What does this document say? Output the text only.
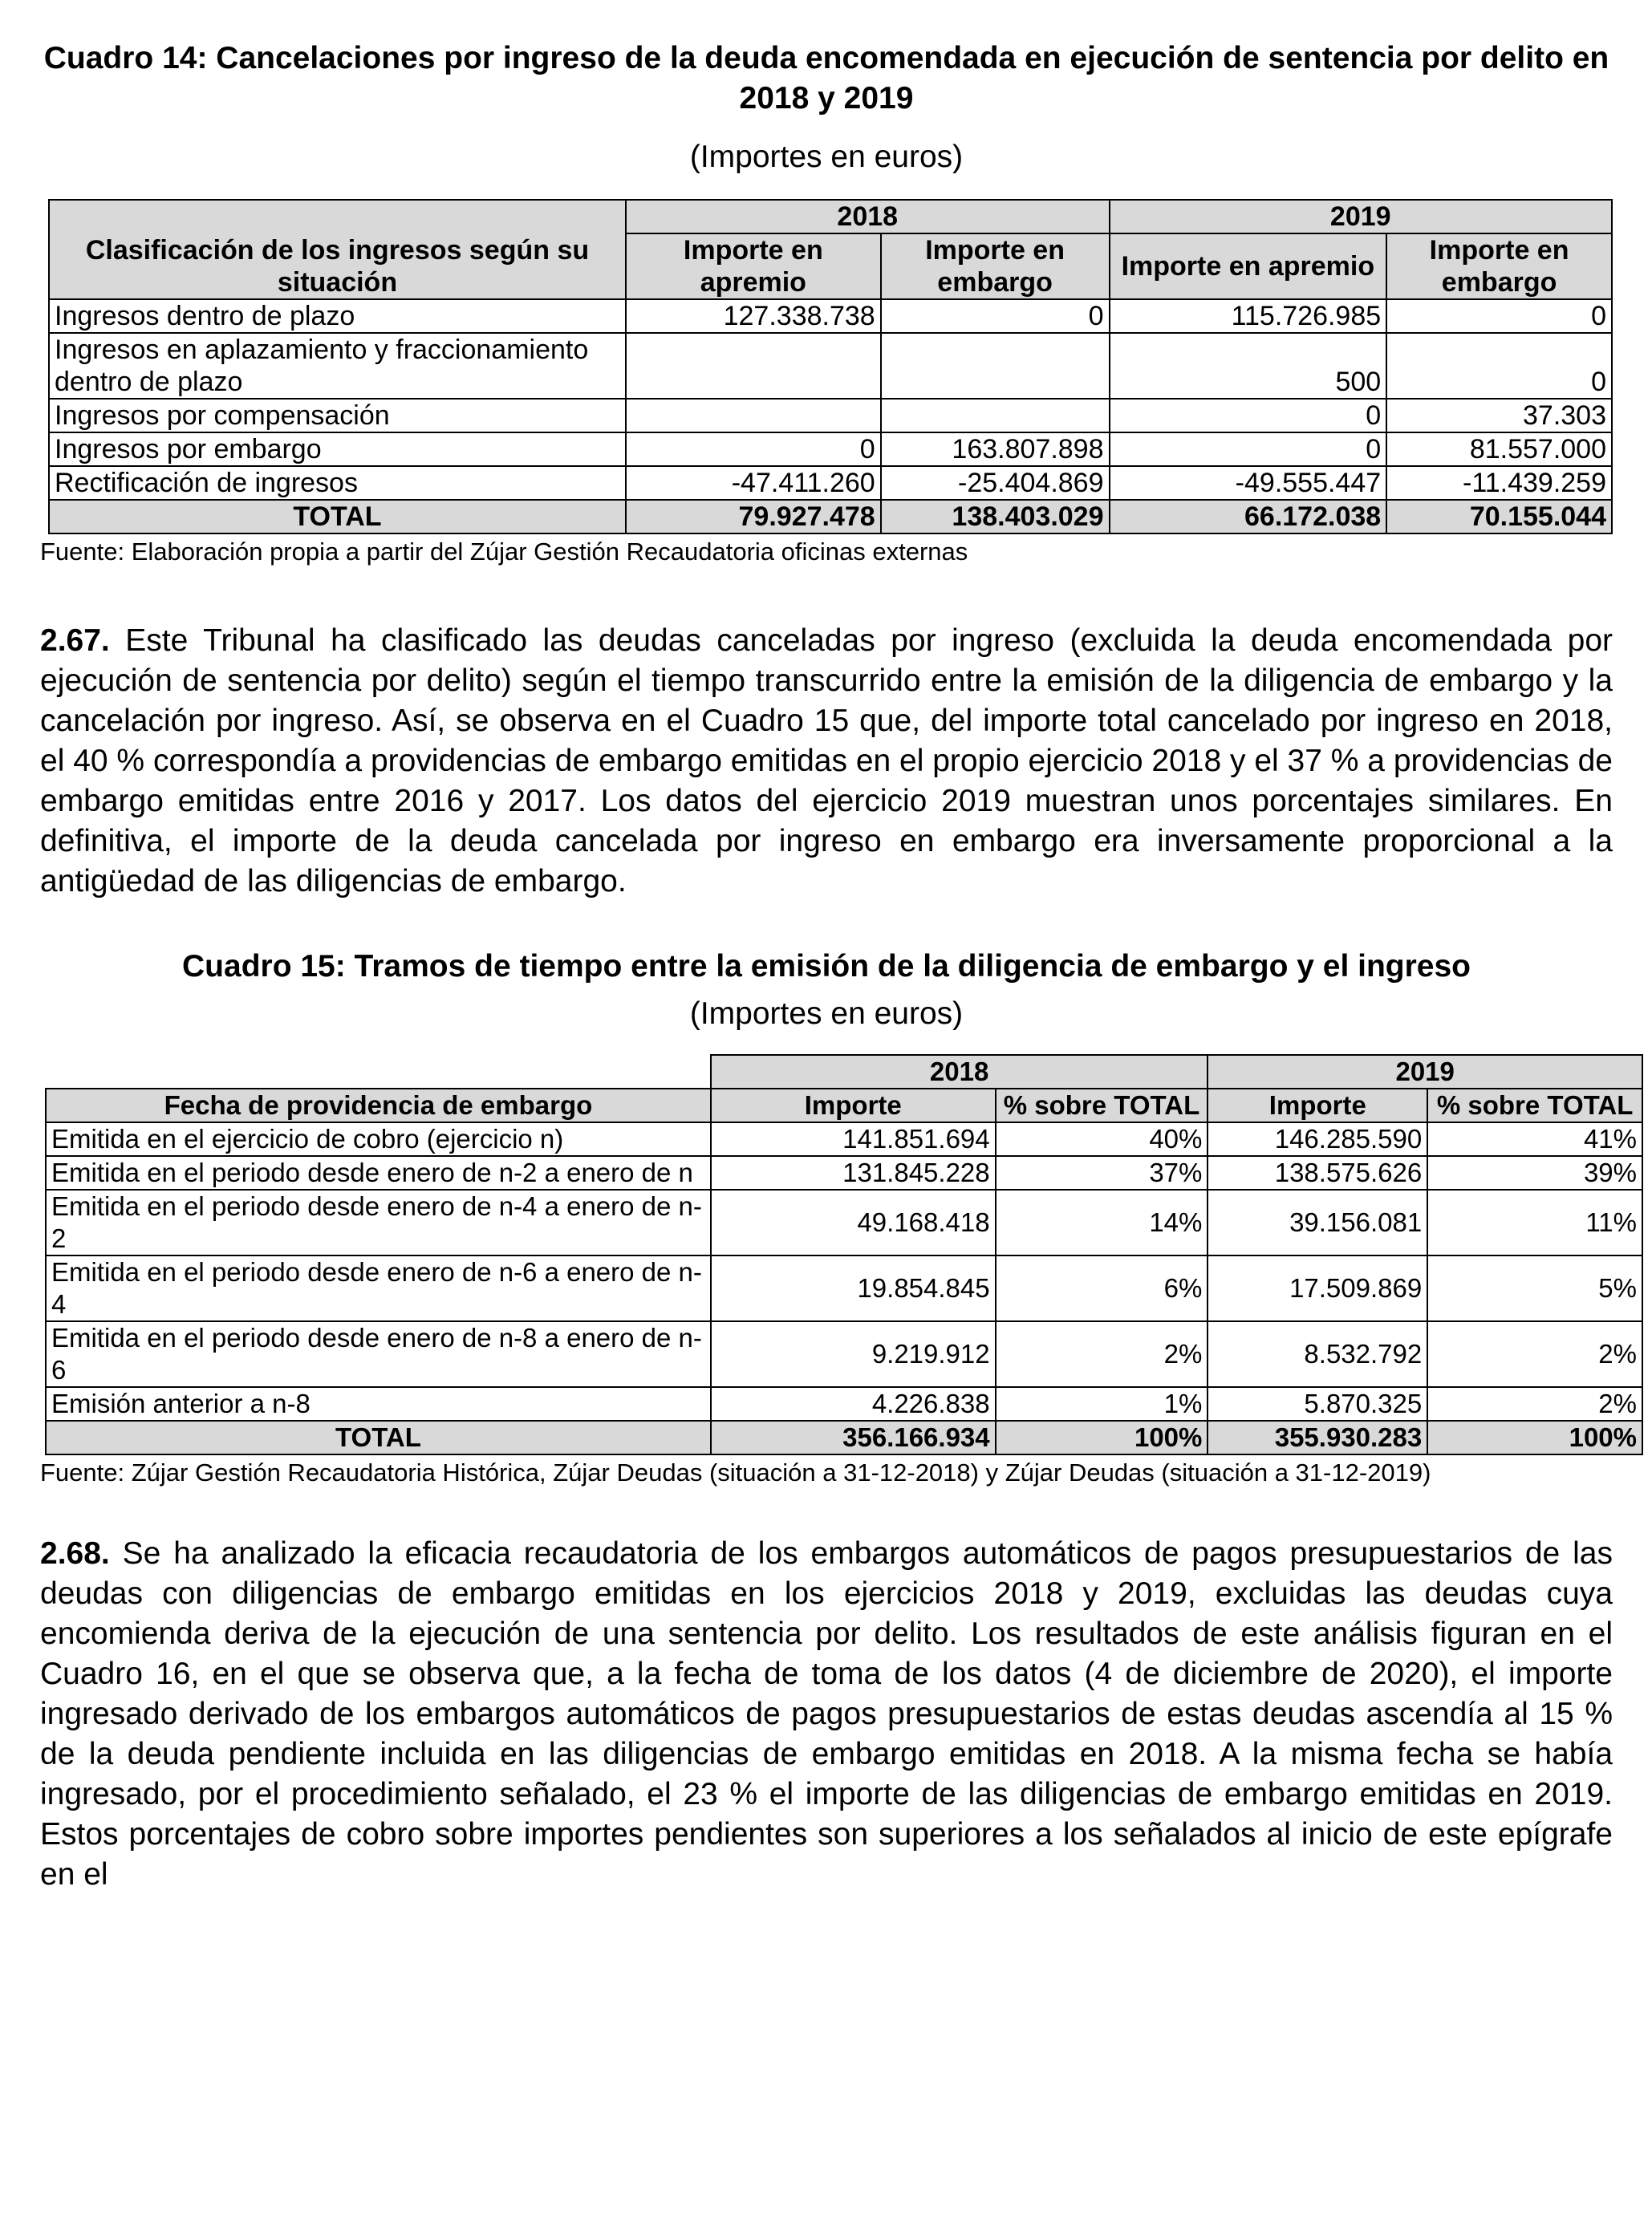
Cuadro 14: Cancelaciones por ingreso de la deuda encomendada en ejecución de sentencia por delito en 2018 y 2019

(Importes en euros)

Clasificación de los ingresos según su situación	2018		2019	
	Importe en apremio	Importe en embargo	Importe en apremio	Importe en embargo
Ingresos dentro de plazo	127.338.738	0	115.726.985	0
Ingresos en aplazamiento y fraccionamiento dentro de plazo			500	0
Ingresos por compensación			0	37.303
Ingresos por embargo	0	163.807.898	0	81.557.000
Rectificación de ingresos	-47.411.260	-25.404.869	-49.555.447	-11.439.259
TOTAL	79.927.478	138.403.029	66.172.038	70.155.044

Fuente: Elaboración propia a partir del Zújar Gestión Recaudatoria oficinas externas

2.67. Este Tribunal ha clasificado las deudas canceladas por ingreso (excluida la deuda encomendada por ejecución de sentencia por delito) según el tiempo transcurrido entre la emisión de la diligencia de embargo y la cancelación por ingreso. Así, se observa en el Cuadro 15 que, del importe total cancelado por ingreso en 2018, el 40 % correspondía a providencias de embargo emitidas en el propio ejercicio 2018 y el 37 % a providencias de embargo emitidas entre 2016 y 2017. Los datos del ejercicio 2019 muestran unos porcentajes similares. En definitiva, el importe de la deuda cancelada por ingreso en embargo era inversamente proporcional a la antigüedad de las diligencias de embargo.

Cuadro 15: Tramos de tiempo entre la emisión de la diligencia de embargo y el ingreso

(Importes en euros)

	2018		2019	
Fecha de providencia de embargo	Importe	% sobre TOTAL	Importe	% sobre TOTAL
Emitida en el ejercicio de cobro (ejercicio n)	141.851.694	40%	146.285.590	41%
Emitida en el periodo desde enero de n-2 a enero de n	131.845.228	37%	138.575.626	39%
Emitida en el periodo desde enero de n-4 a enero de n-2	49.168.418	14%	39.156.081	11%
Emitida en el periodo desde enero de n-6 a enero de n-4	19.854.845	6%	17.509.869	5%
Emitida en el periodo desde enero de n-8 a enero de n-6	9.219.912	2%	8.532.792	2%
Emisión anterior a n-8	4.226.838	1%	5.870.325	2%
TOTAL	356.166.934	100%	355.930.283	100%

Fuente: Zújar Gestión Recaudatoria Histórica, Zújar Deudas (situación a 31-12-2018) y Zújar Deudas (situación a 31-12-2019)

2.68. Se ha analizado la eficacia recaudatoria de los embargos automáticos de pagos presupuestarios de las deudas con diligencias de embargo emitidas en los ejercicios 2018 y 2019, excluidas las deudas cuya encomienda deriva de la ejecución de una sentencia por delito. Los resultados de este análisis figuran en el Cuadro 16, en el que se observa que, a la fecha de toma de los datos (4 de diciembre de 2020), el importe ingresado derivado de los embargos automáticos de pagos presupuestarios de estas deudas ascendía al 15 % de la deuda pendiente incluida en las diligencias de embargo emitidas en 2018. A la misma fecha se había ingresado, por el procedimiento señalado, el 23 % el importe de las diligencias de embargo emitidas en 2019. Estos porcentajes de cobro sobre importes pendientes son superiores a los señalados al inicio de este epígrafe en el
